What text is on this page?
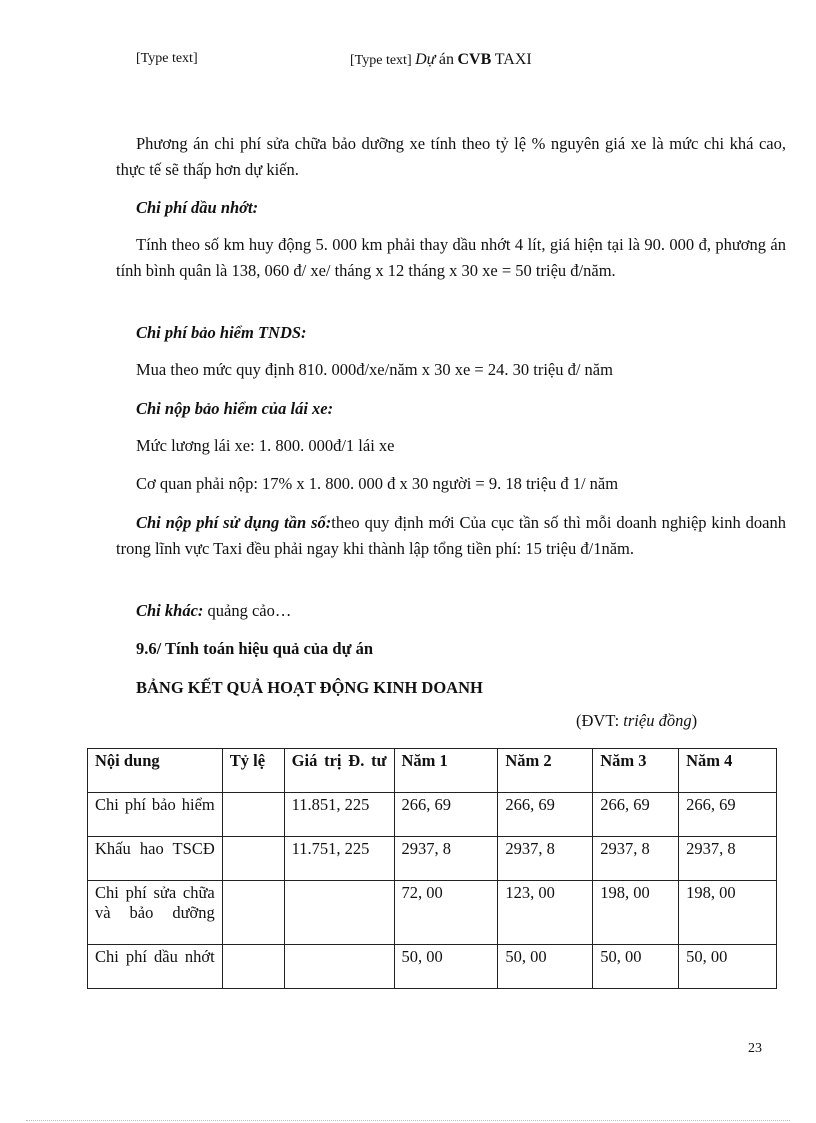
[Type text]	[Type text] Dự án CVB TAXI
Phương án chi phí sửa chữa bảo dưỡng xe tính theo tỷ lệ % nguyên giá xe là mức chi khá cao, thực tế sẽ thấp hơn dự kiến.
Chi phí dầu nhớt:
Tính theo số km huy động 5. 000 km phải thay dầu nhớt 4 lít, giá hiện tại là 90. 000 đ, phương án tính bình quân là 138, 060 đ/ xe/ tháng x 12 tháng x 30 xe = 50 triệu đ/năm.
Chi phí bảo hiểm TNDS:
Mua theo mức quy định 810. 000đ/xe/năm x 30 xe = 24. 30 triệu đ/ năm
Chi nộp bảo hiểm của lái xe:
Mức lương lái xe: 1. 800. 000đ/1 lái xe
Cơ quan phải nộp: 17% x 1. 800. 000 đ x 30 người = 9. 18 triệu đ 1/ năm
Chi nộp phí sử dụng tần số:theo quy định mới Của cục tần số thì mỗi doanh nghiệp kinh doanh trong lĩnh vực Taxi đều phải ngay khi thành lập tổng tiền phí: 15 triệu đ/1năm.
Chi khác: quảng cảo…
9.6/ Tính toán hiệu quả của dự án
BẢNG KẾT QUẢ HOẠT ĐỘNG KINH DOANH
(ĐVT: triệu đồng)
Nội dung	Tỷ lệ	Giá trị Đ. tư	Năm 1	Năm 2	Năm 3	Năm 4
Chi phí bảo hiểm		11.851, 225	266, 69	266, 69	266, 69	266, 69
Khấu hao TSCĐ		11.751, 225	2937, 8	2937, 8	2937, 8	2937, 8
Chi phí sửa chữa và bảo dưỡng			72, 00	123, 00	198, 00	198, 00
Chi phí dầu nhớt			50, 00	50, 00	50, 00	50, 00
23
